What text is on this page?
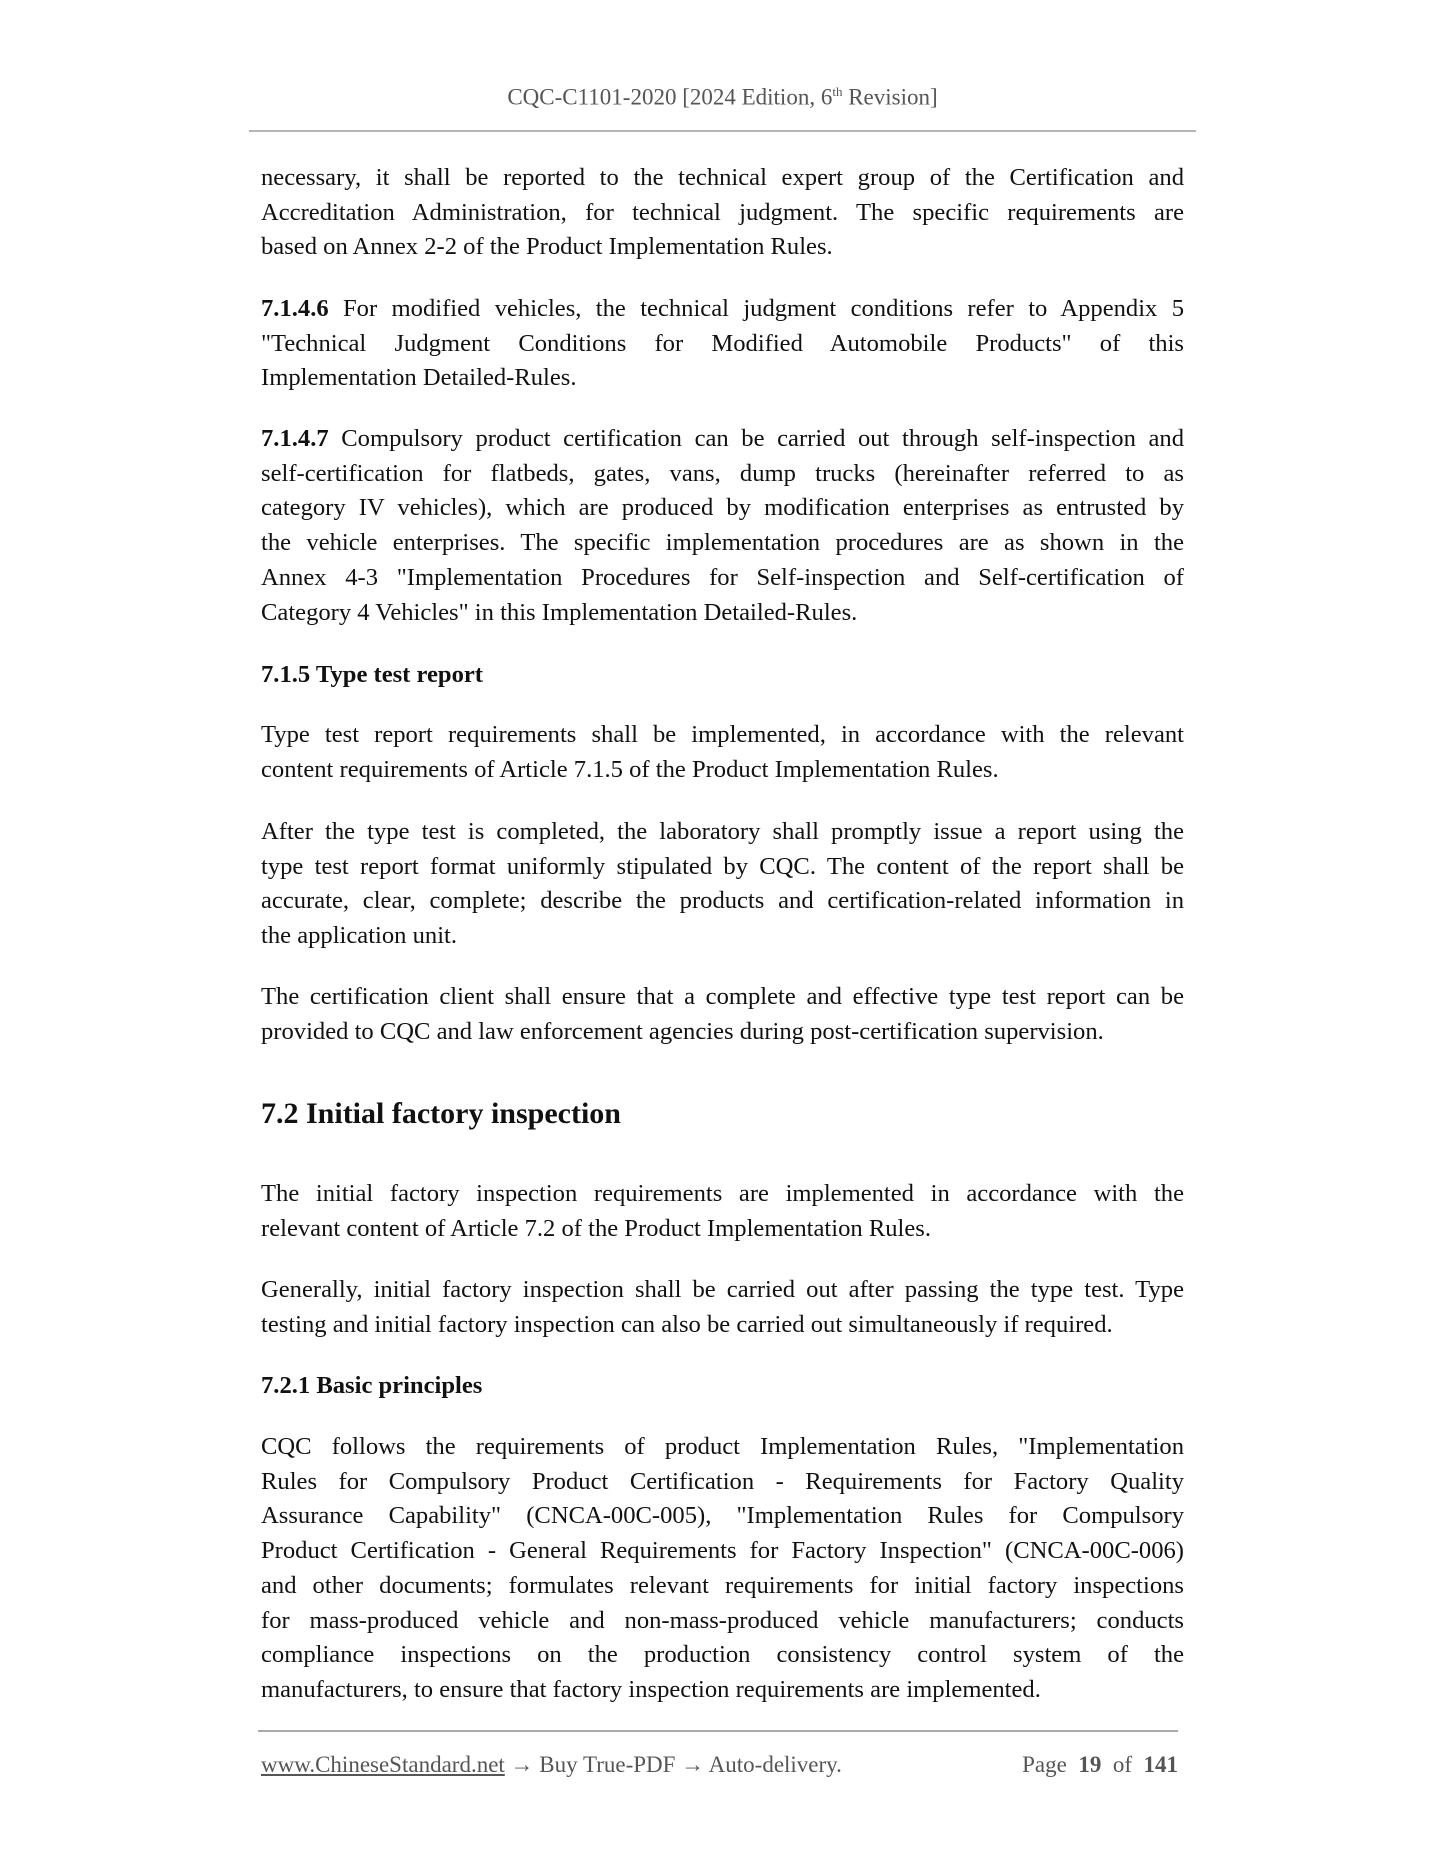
CQC-C1101-2020 [2024 Edition, 6th Revision]
necessary, it shall be reported to the technical expert group of the Certification and
Accreditation Administration, for technical judgment. The specific requirements are
based on Annex 2-2 of the Product Implementation Rules.
7.1.4.6 For modified vehicles, the technical judgment conditions refer to Appendix 5
"Technical Judgment Conditions for Modified Automobile Products" of this
Implementation Detailed-Rules.
7.1.4.7 Compulsory product certification can be carried out through self-inspection and
self-certification for flatbeds, gates, vans, dump trucks (hereinafter referred to as
category IV vehicles), which are produced by modification enterprises as entrusted by
the vehicle enterprises. The specific implementation procedures are as shown in the
Annex 4-3 "Implementation Procedures for Self-inspection and Self-certification of
Category 4 Vehicles" in this Implementation Detailed-Rules.
7.1.5 Type test report
Type test report requirements shall be implemented, in accordance with the relevant
content requirements of Article 7.1.5 of the Product Implementation Rules.
After the type test is completed, the laboratory shall promptly issue a report using the
type test report format uniformly stipulated by CQC. The content of the report shall be
accurate, clear, complete; describe the products and certification-related information in
the application unit.
The certification client shall ensure that a complete and effective type test report can be
provided to CQC and law enforcement agencies during post-certification supervision.
7.2 Initial factory inspection
The initial factory inspection requirements are implemented in accordance with the
relevant content of Article 7.2 of the Product Implementation Rules.
Generally, initial factory inspection shall be carried out after passing the type test. Type
testing and initial factory inspection can also be carried out simultaneously if required.
7.2.1 Basic principles
CQC follows the requirements of product Implementation Rules, "Implementation
Rules for Compulsory Product Certification - Requirements for Factory Quality
Assurance Capability" (CNCA-00C-005), "Implementation Rules for Compulsory
Product Certification - General Requirements for Factory Inspection" (CNCA-00C-006)
and other documents; formulates relevant requirements for initial factory inspections
for mass-produced vehicle and non-mass-produced vehicle manufacturers; conducts
compliance inspections on the production consistency control system of the
manufacturers, to ensure that factory inspection requirements are implemented.
www.ChineseStandard.net → Buy True-PDF → Auto-delivery.	Page 19 of 141
